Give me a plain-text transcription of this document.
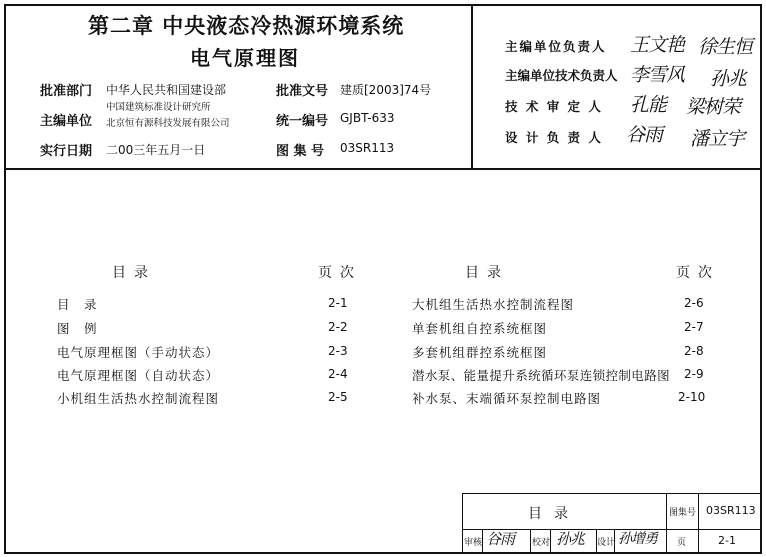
第二章 中央液态冷热源环境系统
电气原理图
批准部门 中华人民共和国建设部	批准文号 建质[2003]74号
主编单位
中国建筑标准设计研究所
北京恒有源科技发展有限公司	统一编号 GJBT-633
实行日期 二00三年五月一日	图 集 号 03SR113
主编单位负责人 王文艳 徐生恒
主编单位技术负责人 李雪风 孙兆
技 术 审 定 人 孔能 梁树荣
设 计 负 责 人 谷雨 潘立宇
目录	页次	目录	页次
目　录	2-1
图　例	2-2
电气原理框图（手动状态）	2-3
电气原理框图（自动状态）	2-4
小机组生活热水控制流程图	2-5
大机组生活热水控制流程图	2-6
单套机组自控系统框图	2-7
多套机组群控系统框图	2-8
潜水泵、能量提升系统循环泵连锁控制电路图 2-9
补水泵、末端循环泵控制电路图	2-10
目录	图集号 03SR113
审核 谷雨 校对 孙兆 设计 孙增勇 页	2-1
